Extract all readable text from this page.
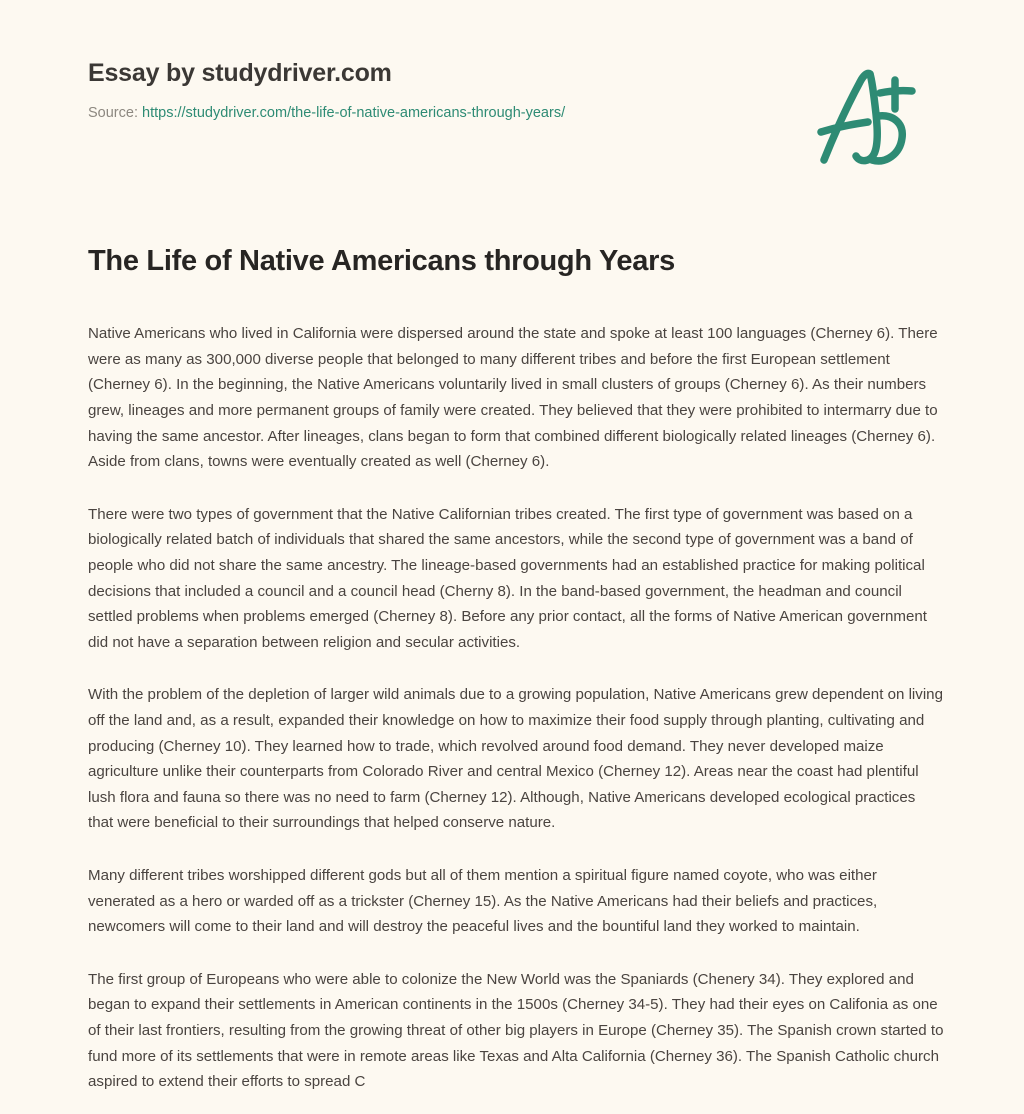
Essay by studydriver.com
Source: https://studydriver.com/the-life-of-native-americans-through-years/
The Life of Native Americans through Years

Native Americans who lived in California were dispersed around the state and spoke at least 100 languages (Cherney 6). There were as many as 300,000 diverse people that belonged to many different tribes and before the first European settlement (Cherney 6). In the beginning, the Native Americans voluntarily lived in small clusters of groups (Cherney 6). As their numbers grew, lineages and more permanent groups of family were created. They believed that they were prohibited to intermarry due to having the same ancestor. After lineages, clans began to form that combined different biologically related lineages (Cherney 6). Aside from clans, towns were eventually created as well (Cherney 6).

There were two types of government that the Native Californian tribes created. The first type of government was based on a biologically related batch of individuals that shared the same ancestors, while the second type of government was a band of people who did not share the same ancestry. The lineage-based governments had an established practice for making political decisions that included a council and a council head (Cherny 8). In the band-based government, the headman and council settled problems when problems emerged (Cherney 8). Before any prior contact, all the forms of Native American government did not have a separation between religion and secular activities.

With the problem of the depletion of larger wild animals due to a growing population, Native Americans grew dependent on living off the land and, as a result, expanded their knowledge on how to maximize their food supply through planting, cultivating and producing (Cherney 10). They learned how to trade, which revolved around food demand. They never developed maize agriculture unlike their counterparts from Colorado River and central Mexico (Cherney 12). Areas near the coast had plentiful lush flora and fauna so there was no need to farm (Cherney 12). Although, Native Americans developed ecological practices that were beneficial to their surroundings that helped conserve nature.

Many different tribes worshipped different gods but all of them mention a spiritual figure named coyote, who was either venerated as a hero or warded off as a trickster (Cherney 15). As the Native Americans had their beliefs and practices, newcomers will come to their land and will destroy the peaceful lives and the bountiful land they worked to maintain.

The first group of Europeans who were able to colonize the New World was the Spaniards (Chenery 34). They explored and began to expand their settlements in American continents in the 1500s (Cherney 34-5). They had their eyes on Califonia as one of their last frontiers, resulting from the growing threat of other big players in Europe (Cherney 35). The Spanish crown started to fund more of its settlements that were in remote areas like Texas and Alta California (Cherney 36). The Spanish Catholic church aspired to extend their efforts to spread C
